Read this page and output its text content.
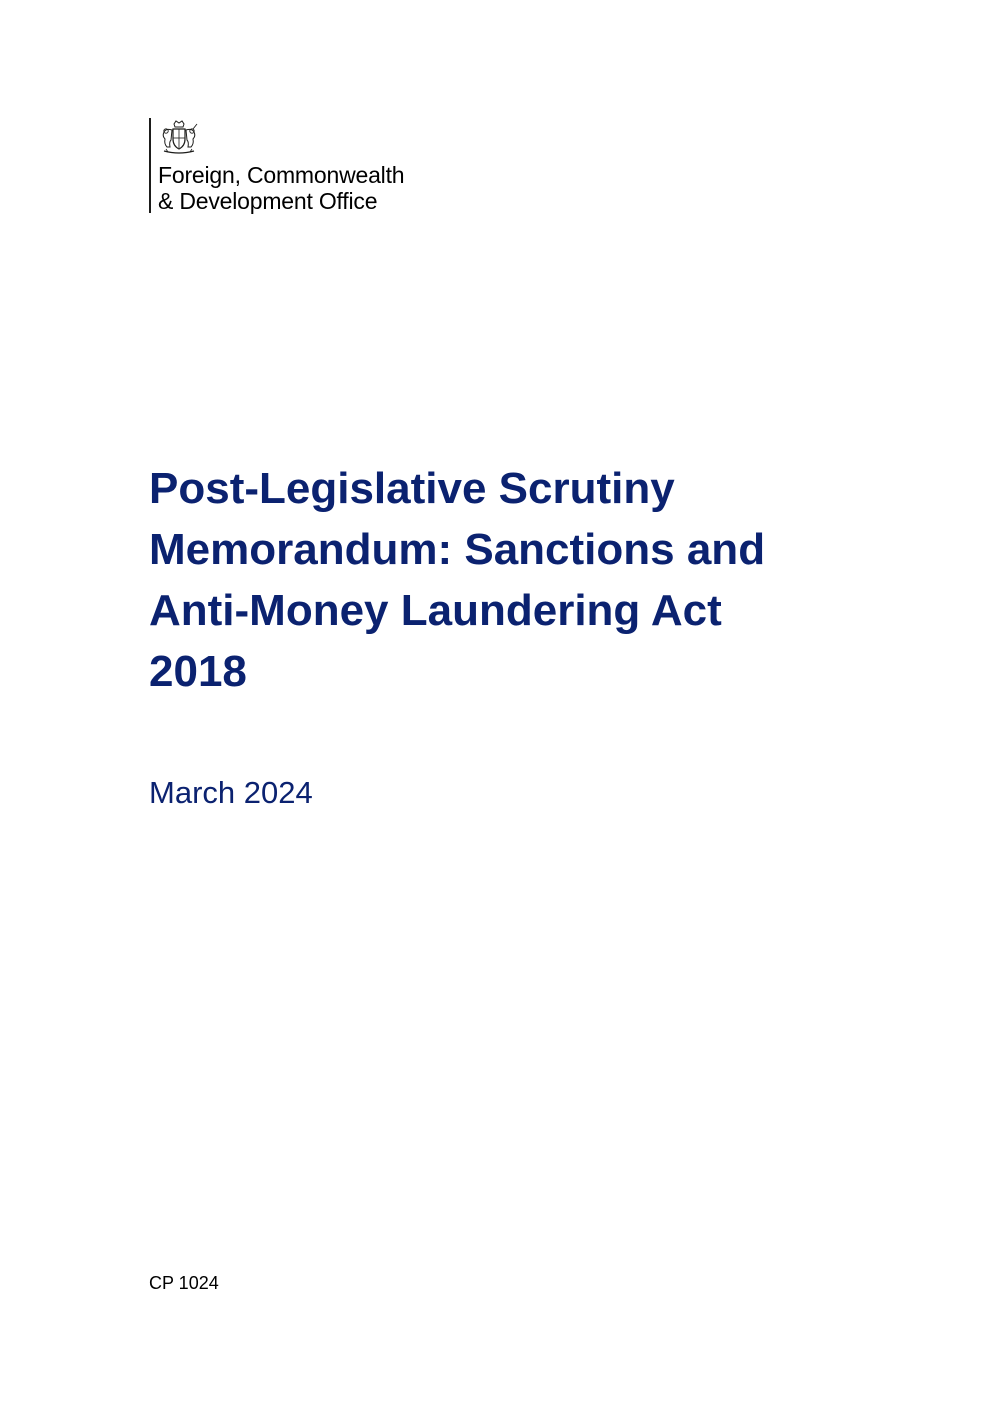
Foreign, Commonwealth
& Development Office
Post-Legislative Scrutiny
Memorandum: Sanctions and
Anti-Money Laundering Act
2018
March 2024
CP 1024
